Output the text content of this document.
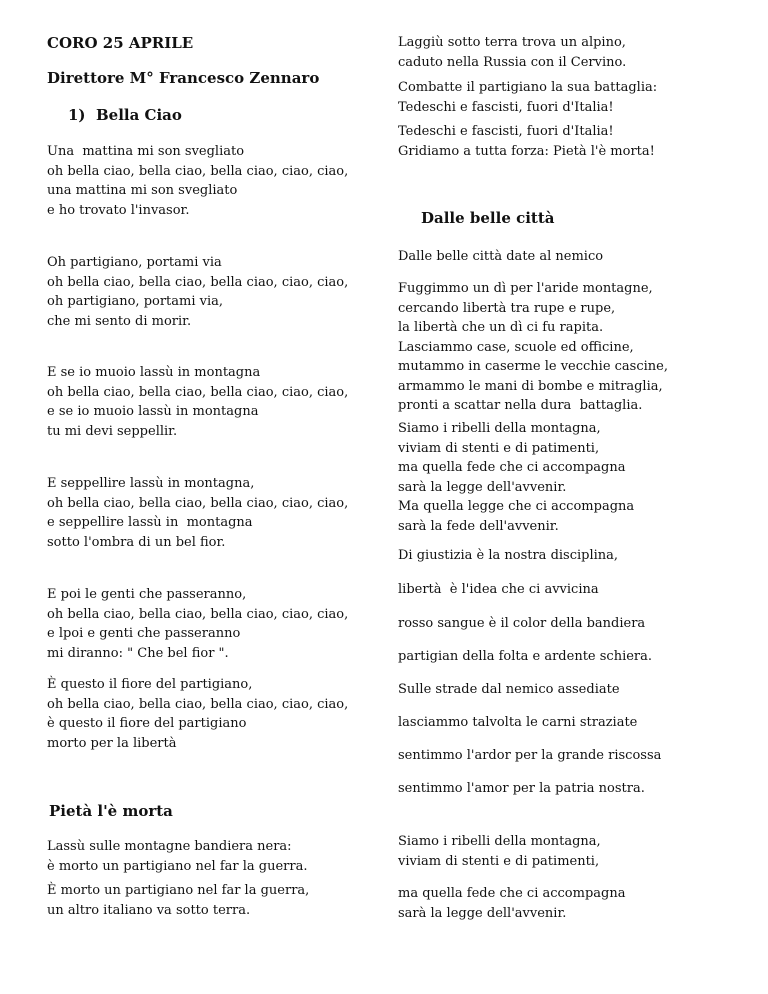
CORO 25 APRILE
Direttore M° Francesco Zennaro
1)  Bella Ciao
Una  mattina mi son svegliato
oh bella ciao, bella ciao, bella ciao, ciao, ciao,
una mattina mi son svegliato
e ho trovato l'invasor.
Oh partigiano, portami via
oh bella ciao, bella ciao, bella ciao, ciao, ciao,
oh partigiano, portami via,
che mi sento di morir.
E se io muoio lassù in montagna
oh bella ciao, bella ciao, bella ciao, ciao, ciao,
e se io muoio lassù in montagna
tu mi devi seppellir.
E seppellire lassù in montagna,
oh bella ciao, bella ciao, bella ciao, ciao, ciao,
e seppellire lassù in  montagna
sotto l'ombra di un bel fior.
E poi le genti che passeranno,
oh bella ciao, bella ciao, bella ciao, ciao, ciao,
e lpoi e genti che passeranno
mi diranno: " Che bel fior ".
È questo il fiore del partigiano,
oh bella ciao, bella ciao, bella ciao, ciao, ciao,
è questo il fiore del partigiano
morto per la libertà
Pietà l'è morta
Lassù sulle montagne bandiera nera:
è morto un partigiano nel far la guerra.
È morto un partigiano nel far la guerra,
un altro italiano va sotto terra.
Laggiù sotto terra trova un alpino,
caduto nella Russia con il Cervino.
Combatte il partigiano la sua battaglia:
Tedeschi e fascisti, fuori d'Italia!
Tedeschi e fascisti, fuori d'Italia!
Gridiamo a tutta forza: Pietà l'è morta!
Dalle belle città
Dalle belle città date al nemico
Fuggimmo un dì per l'aride montagne,
cercando libertà tra rupe e rupe,
la libertà che un dì ci fu rapita.
Lasciammo case, scuole ed officine,
mutammo in caserme le vecchie cascine,
armammo le mani di bombe e mitraglia,
pronti a scattar nella dura  battaglia.
Siamo i ribelli della montagna,
viviam di stenti e di patimenti,
ma quella fede che ci accompagna
sarà la legge dell'avvenir.
Ma quella legge che ci accompagna
sarà la fede dell'avvenir.
Di giustizia è la nostra disciplina,
libertà  è l'idea che ci avvicina
rosso sangue è il color della bandiera
partigian della folta e ardente schiera.
Sulle strade dal nemico assediate
lasciammo talvolta le carni straziate
sentimmo l'ardor per la grande riscossa
sentimmo l'amor per la patria nostra.
Siamo i ribelli della montagna,
viviam di stenti e di patimenti,
ma quella fede che ci accompagna
sarà la legge dell'avvenir.
